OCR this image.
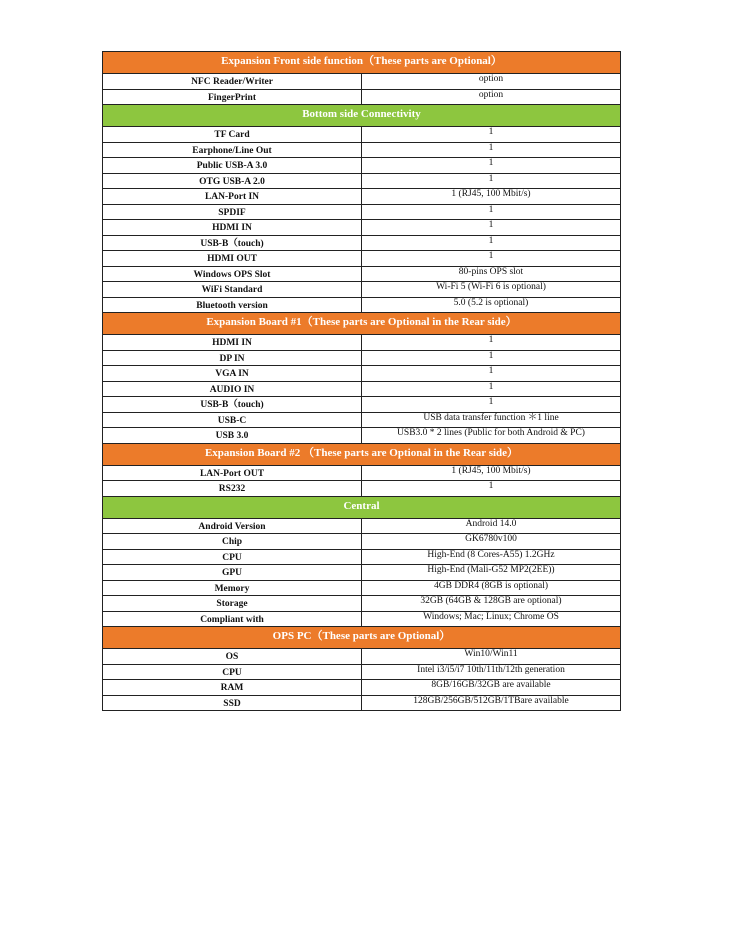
Expansion Front side function（These parts are Optional）	
NFC Reader/Writer	option
FingerPrint	option
Bottom side Connectivity	
TF Card	1
Earphone/Line Out	1
Public USB-A 3.0	1
OTG USB-A 2.0	1
LAN-Port IN	1 (RJ45, 100 Mbit/s)
SPDIF	1
HDMI IN	1
USB-B（touch)	1
HDMI OUT	1
Windows OPS Slot	80-pins OPS slot
WiFi Standard	Wi-Fi 5 (Wi-Fi 6 is optional)
Bluetooth version	5.0 (5.2 is optional)
Expansion Board #1（These parts are Optional in the Rear side）	
HDMI IN	1
DP IN	1
VGA IN	1
AUDIO IN	1
USB-B（touch)	1
USB-C	USB data transfer function ＊1 line
USB 3.0	USB3.0 * 2 lines (Public for both Android & PC)
Expansion Board #2 （These parts are Optional in the Rear side）	
LAN-Port OUT	1 (RJ45, 100 Mbit/s)
RS232	1
Central	
Android Version	Android 14.0
Chip	GK6780v100
CPU	High-End (8 Cores-A55) 1.2GHz
GPU	High-End (Mali-G52 MP2(2EE))
Memory	4GB DDR4 (8GB is optional)
Storage	32GB (64GB & 128GB are optional)
Compliant with	Windows; Mac; Linux; Chrome OS
OPS PC（These parts are Optional）	
OS	Win10/Win11
CPU	Intel i3/i5/i7 10th/11th/12th generation
RAM	8GB/16GB/32GB are available
SSD	128GB/256GB/512GB/1TBare available
